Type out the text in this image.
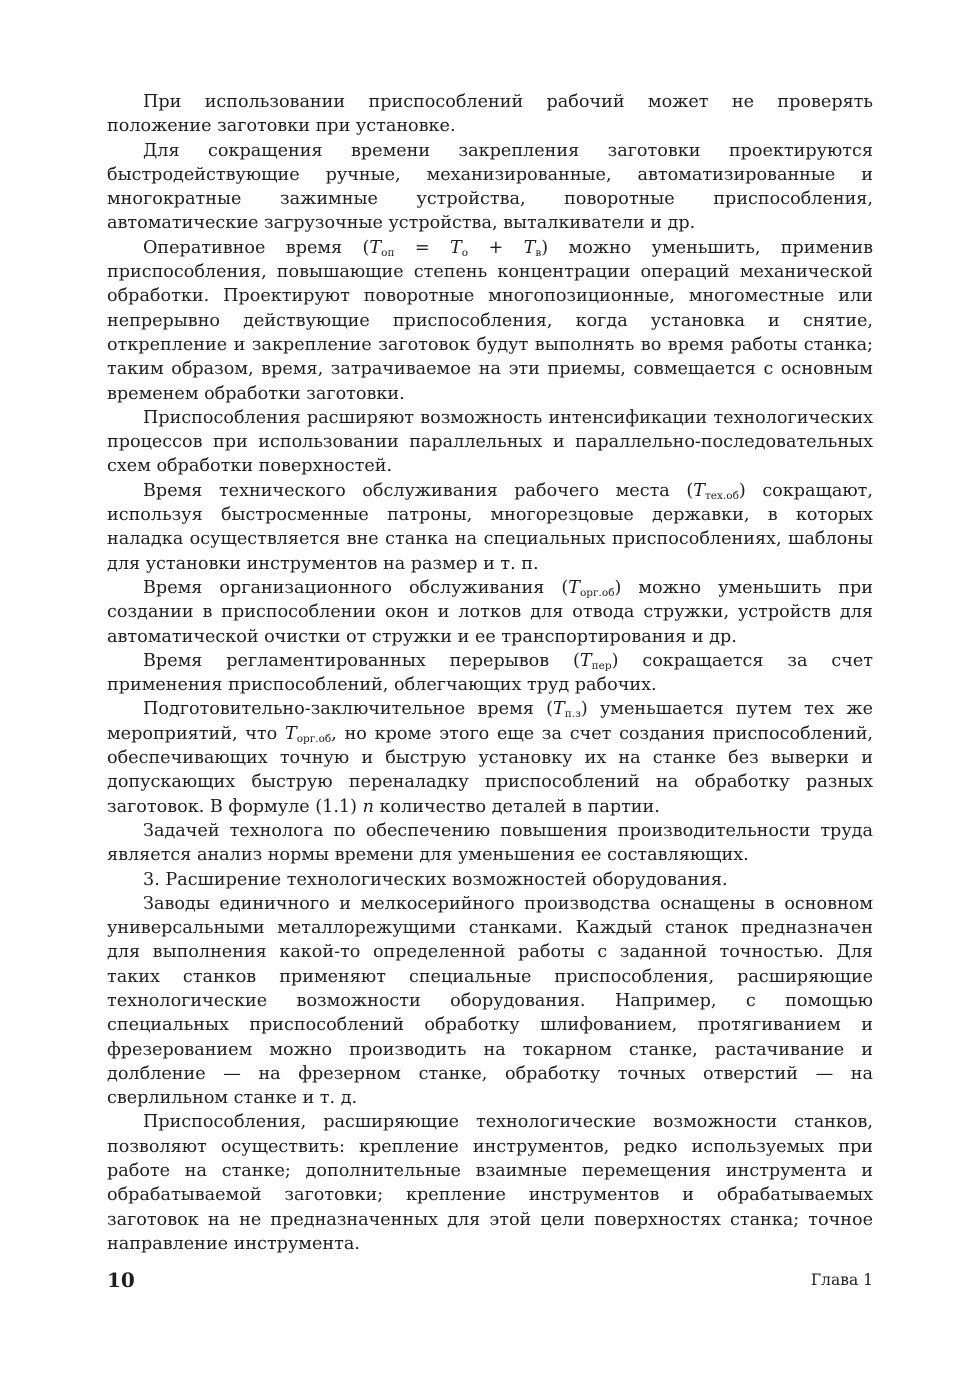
При использовании приспособлений рабочий может не проверять положение заготовки при установке.

Для сокращения времени закрепления заготовки проектируются быстродействующие ручные, механизированные, автоматизированные и многократные зажимные устройства, поворотные приспособления, автоматические загрузочные устройства, выталкиватели и др.

Оперативное время $(T_{оп} = T_о + T_в)$ можно уменьшить, применив приспособления, повышающие степень концентрации операций механической обработки. Проектируют поворотные многопозиционные, многоместные или непрерывно действующие приспособления, когда установка и снятие, открепление и закрепление заготовок будут выполнять во время работы станка; таким образом, время, затрачиваемое на эти приемы, совмещается с основным временем обработки заготовки.

Приспособления расширяют возможность интенсификации технологических процессов при использовании параллельных и параллельно-последовательных схем обработки поверхностей.

Время технического обслуживания рабочего места $(T_{тех.об})$ сокращают, используя быстросменные патроны, многорезцовые державки, в которых наладка осуществляется вне станка на специальных приспособлениях, шаблоны для установки инструментов на размер и т. п.

Время организационного обслуживания $(T_{орг.об})$ можно уменьшить при создании в приспособлении окон и лотков для отвода стружки, устройств для автоматической очистки от стружки и ее транспортирования и др.

Время регламентированных перерывов $(T_{пер})$ сокращается за счет применения приспособлений, облегчающих труд рабочих.

Подготовительно-заключительное время $(T_{п.з})$ уменьшается путем тех же мероприятий, что $T_{орг.об}$, но кроме этого еще за счет создания приспособлений, обеспечивающих точную и быструю установку их на станке без выверки и допускающих быструю переналадку приспособлений на обработку разных заготовок. В формуле (1.1) n количество деталей в партии.

Задачей технолога по обеспечению повышения производительности труда является анализ нормы времени для уменьшения ее составляющих.

3. Расширение технологических возможностей оборудования.

Заводы единичного и мелкосерийного производства оснащены в основном универсальными металлорежущими станками. Каждый станок предназначен для выполнения какой-то определенной работы с заданной точностью. Для таких станков применяют специальные приспособления, расширяющие технологические возможности оборудования. Например, с помощью специальных приспособлений обработку шлифованием, протягиванием и фрезерованием можно производить на токарном станке, растачивание и долбление — на фрезерном станке, обработку точных отверстий — на сверлильном станке и т. д.

Приспособления, расширяющие технологические возможности станков, позволяют осуществить: крепление инструментов, редко используемых при работе на станке; дополнительные взаимные перемещения инструмента и обрабатываемой заготовки; крепление инструментов и обрабатываемых заготовок на не предназначенных для этой цели поверхностях станка; точное направление инструмента.

10	Глава 1
